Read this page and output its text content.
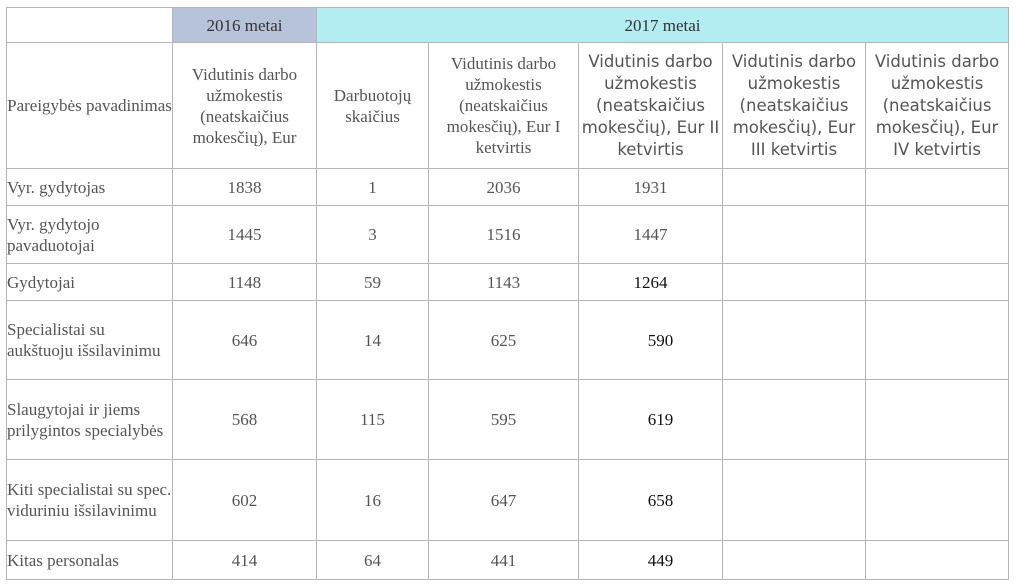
	2016 metai	2017 metai				
Pareigybės pavadinimas	Vidutinis darbo užmokestis (neatskaičius mokesčių), Eur	Darbuotojų skaičius	Vidutinis darbo užmokestis (neatskaičius mokesčių), Eur I ketvirtis	Vidutinis darbo užmokestis (neatskaičius mokesčių), Eur II ketvirtis	Vidutinis darbo užmokestis (neatskaičius mokesčių), Eur III ketvirtis	Vidutinis darbo užmokestis (neatskaičius mokesčių), Eur IV ketvirtis
Vyr. gydytojas	1838	1	2036	1931		
Vyr. gydytojo pavaduotojai	1445	3	1516	1447		
Gydytojai	1148	59	1143	1264		
Specialistai su aukštuoju išsilavinimu	646	14	625	590		
Slaugytojai ir jiems prilygintos specialybės	568	115	595	619		
Kiti specialistai su spec. viduriniu išsilavinimu	602	16	647	658		
Kitas personalas	414	64	441	449		
